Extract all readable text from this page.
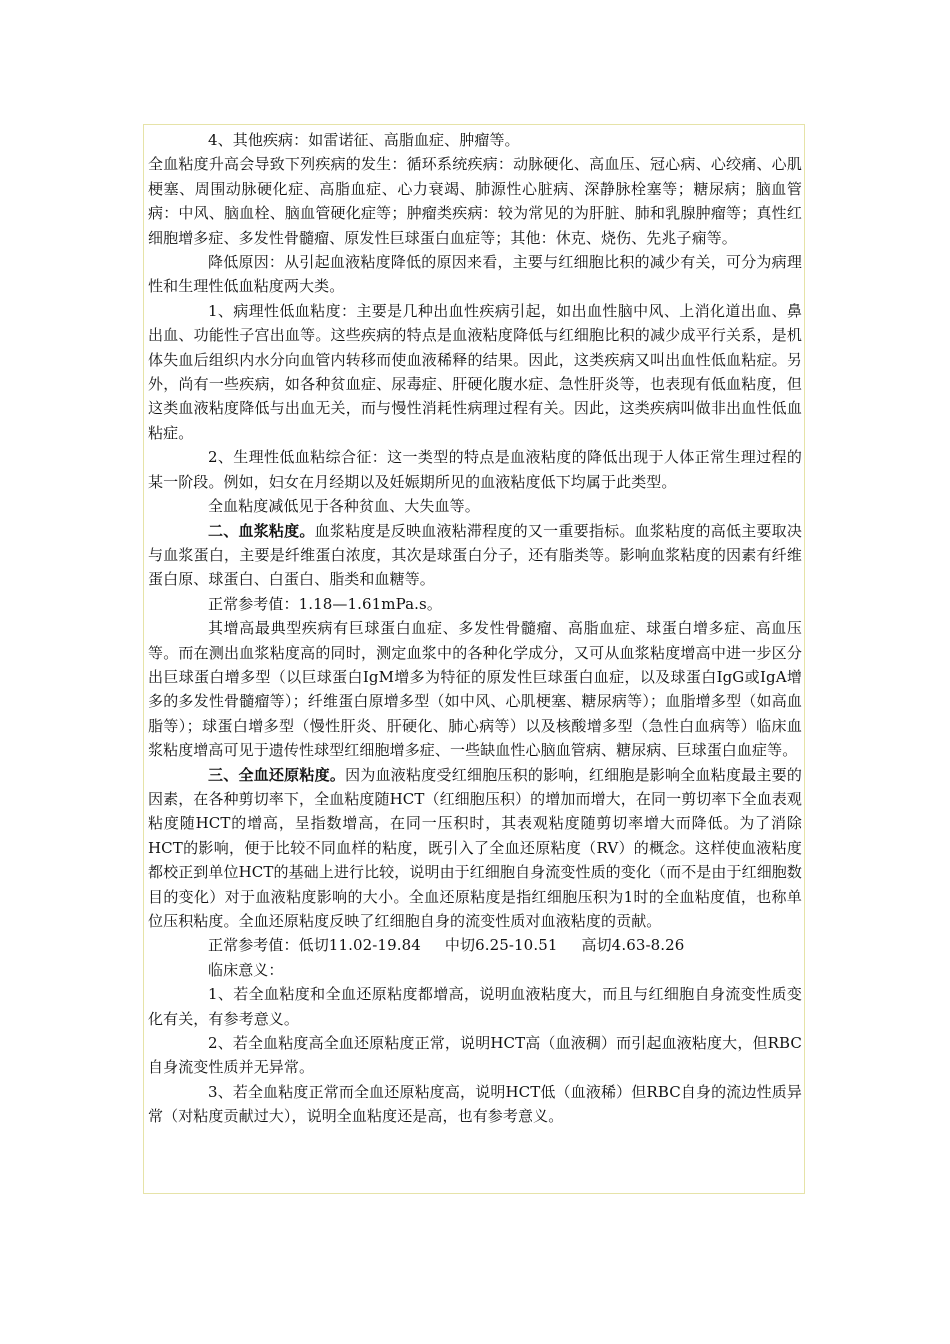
4、其他疾病：如雷诺征、高脂血症、肿瘤等。

全血粘度升高会导致下列疾病的发生：循环系统疾病：动脉硬化、高血压、冠心病、心绞痛、心肌梗塞、周围动脉硬化症、高脂血症、心力衰竭、肺源性心脏病、深静脉栓塞等；糖尿病；脑血管病：中风、脑血栓、脑血管硬化症等；肿瘤类疾病：较为常见的为肝脏、肺和乳腺肿瘤等；真性红细胞增多症、多发性骨髓瘤、原发性巨球蛋白血症等；其他：休克、烧伤、先兆子痫等。

降低原因：从引起血液粘度降低的原因来看，主要与红细胞比积的减少有关，可分为病理性和生理性低血粘度两大类。

1、病理性低血粘度：主要是几种出血性疾病引起，如出血性脑中风、上消化道出血、鼻出血、功能性子宫出血等。这些疾病的特点是血液粘度降低与红细胞比积的减少成平行关系，是机体失血后组织内水分向血管内转移而使血液稀释的结果。因此，这类疾病又叫出血性低血粘症。另外，尚有一些疾病，如各种贫血症、尿毒症、肝硬化腹水症、急性肝炎等，也表现有低血粘度，但这类血液粘度降低与出血无关，而与慢性消耗性病理过程有关。因此，这类疾病叫做非出血性低血粘症。

2、生理性低血粘综合征：这一类型的特点是血液粘度的降低出现于人体正常生理过程的某一阶段。例如，妇女在月经期以及妊娠期所见的血液粘度低下均属于此类型。

全血粘度减低见于各种贫血、大失血等。

二、血浆粘度。血浆粘度是反映血液粘滞程度的又一重要指标。血浆粘度的高低主要取决与血浆蛋白，主要是纤维蛋白浓度，其次是球蛋白分子，还有脂类等。影响血浆粘度的因素有纤维蛋白原、球蛋白、白蛋白、脂类和血糖等。

正常参考值：1.18—1.61mPa.s。

其增高最典型疾病有巨球蛋白血症、多发性骨髓瘤、高脂血症、球蛋白增多症、高血压等。而在测出血浆粘度高的同时，测定血浆中的各种化学成分，又可从血浆粘度增高中进一步区分出巨球蛋白增多型（以巨球蛋白IgM增多为特征的原发性巨球蛋白血症，以及球蛋白IgG或IgA增多的多发性骨髓瘤等）；纤维蛋白原增多型（如中风、心肌梗塞、糖尿病等）；血脂增多型（如高血脂等）；球蛋白增多型（慢性肝炎、肝硬化、肺心病等）以及核酸增多型（急性白血病等）临床血浆粘度增高可见于遗传性球型红细胞增多症、一些缺血性心脑血管病、糖尿病、巨球蛋白血症等。

三、全血还原粘度。因为血液粘度受红细胞压积的影响，红细胞是影响全血粘度最主要的因素，在各种剪切率下，全血粘度随HCT（红细胞压积）的增加而增大，在同一剪切率下全血表观粘度随HCT的增高，呈指数增高，在同一压积时，其表观粘度随剪切率增大而降低。为了消除HCT的影响，便于比较不同血样的粘度，既引入了全血还原粘度（RV）的概念。这样使血液粘度都校正到单位HCT的基础上进行比较，说明由于红细胞自身流变性质的变化（而不是由于红细胞数目的变化）对于血液粘度影响的大小。全血还原粘度是指红细胞压积为1时的全血粘度值，也称单位压积粘度。全血还原粘度反映了红细胞自身的流变性质对血液粘度的贡献。

正常参考值：低切11.02-19.84 中切6.25-10.51 高切4.63-8.26

临床意义：

1、若全血粘度和全血还原粘度都增高，说明血液粘度大，而且与红细胞自身流变性质变化有关，有参考意义。

2、若全血粘度高全血还原粘度正常，说明HCT高（血液稠）而引起血液粘度大，但RBC自身流变性质并无异常。

3、若全血粘度正常而全血还原粘度高，说明HCT低（血液稀）但RBC自身的流边性质异常（对粘度贡献过大），说明全血粘度还是高，也有参考意义。
